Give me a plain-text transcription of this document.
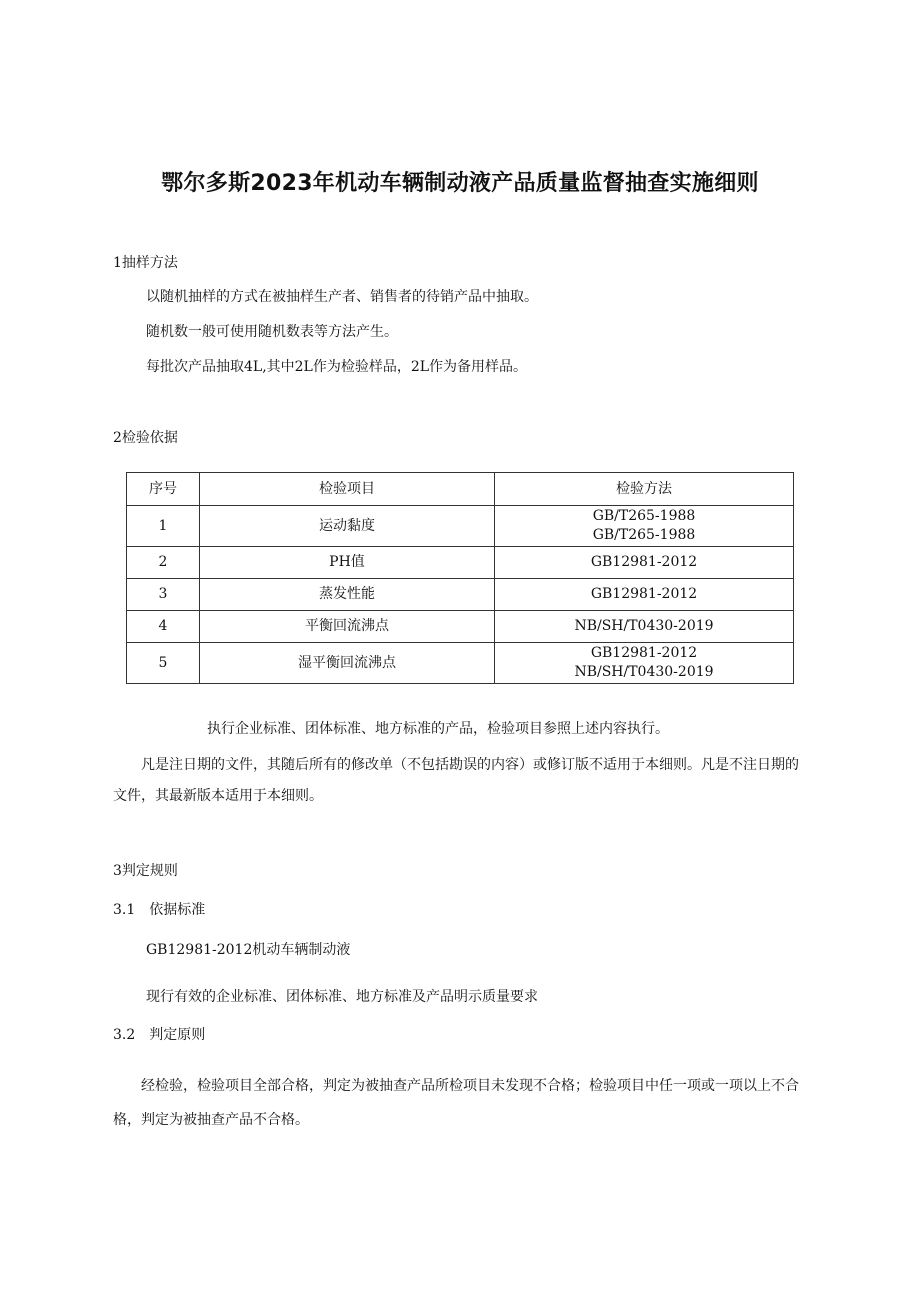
鄂尔多斯2023年机动车辆制动液产品质量监督抽查实施细则
1抽样方法
以随机抽样的方式在被抽样生产者、销售者的待销产品中抽取。
随机数一般可使用随机数表等方法产生。
每批次产品抽取4L,其中2L作为检验样品，2L作为备用样品。
2检验依据
序号	检验项目	检验方法
1	运动黏度	GB/T265-1988
GB/T265-1988

2	PH值	GB12981-2012

3	蒸发性能	GB12981-2012

4	平衡回流沸点	NB/SH/T0430-2019

5	湿平衡回流沸点	GB12981-2012
NB/SH/T0430-2019
执行企业标准、团体标准、地方标准的产品，检验项目参照上述内容执行。
凡是注日期的文件，其随后所有的修改单（不包括勘误的内容）或修订版不适用于本细则。凡是不注日期的文件，其最新版本适用于本细则。
3判定规则
3.1　依据标准
GB12981-2012机动车辆制动液
现行有效的企业标准、团体标准、地方标准及产品明示质量要求
3.2　判定原则
经检验，检验项目全部合格，判定为被抽查产品所检项目未发现不合格；检验项目中任一项或一项以上不合格，判定为被抽查产品不合格。
